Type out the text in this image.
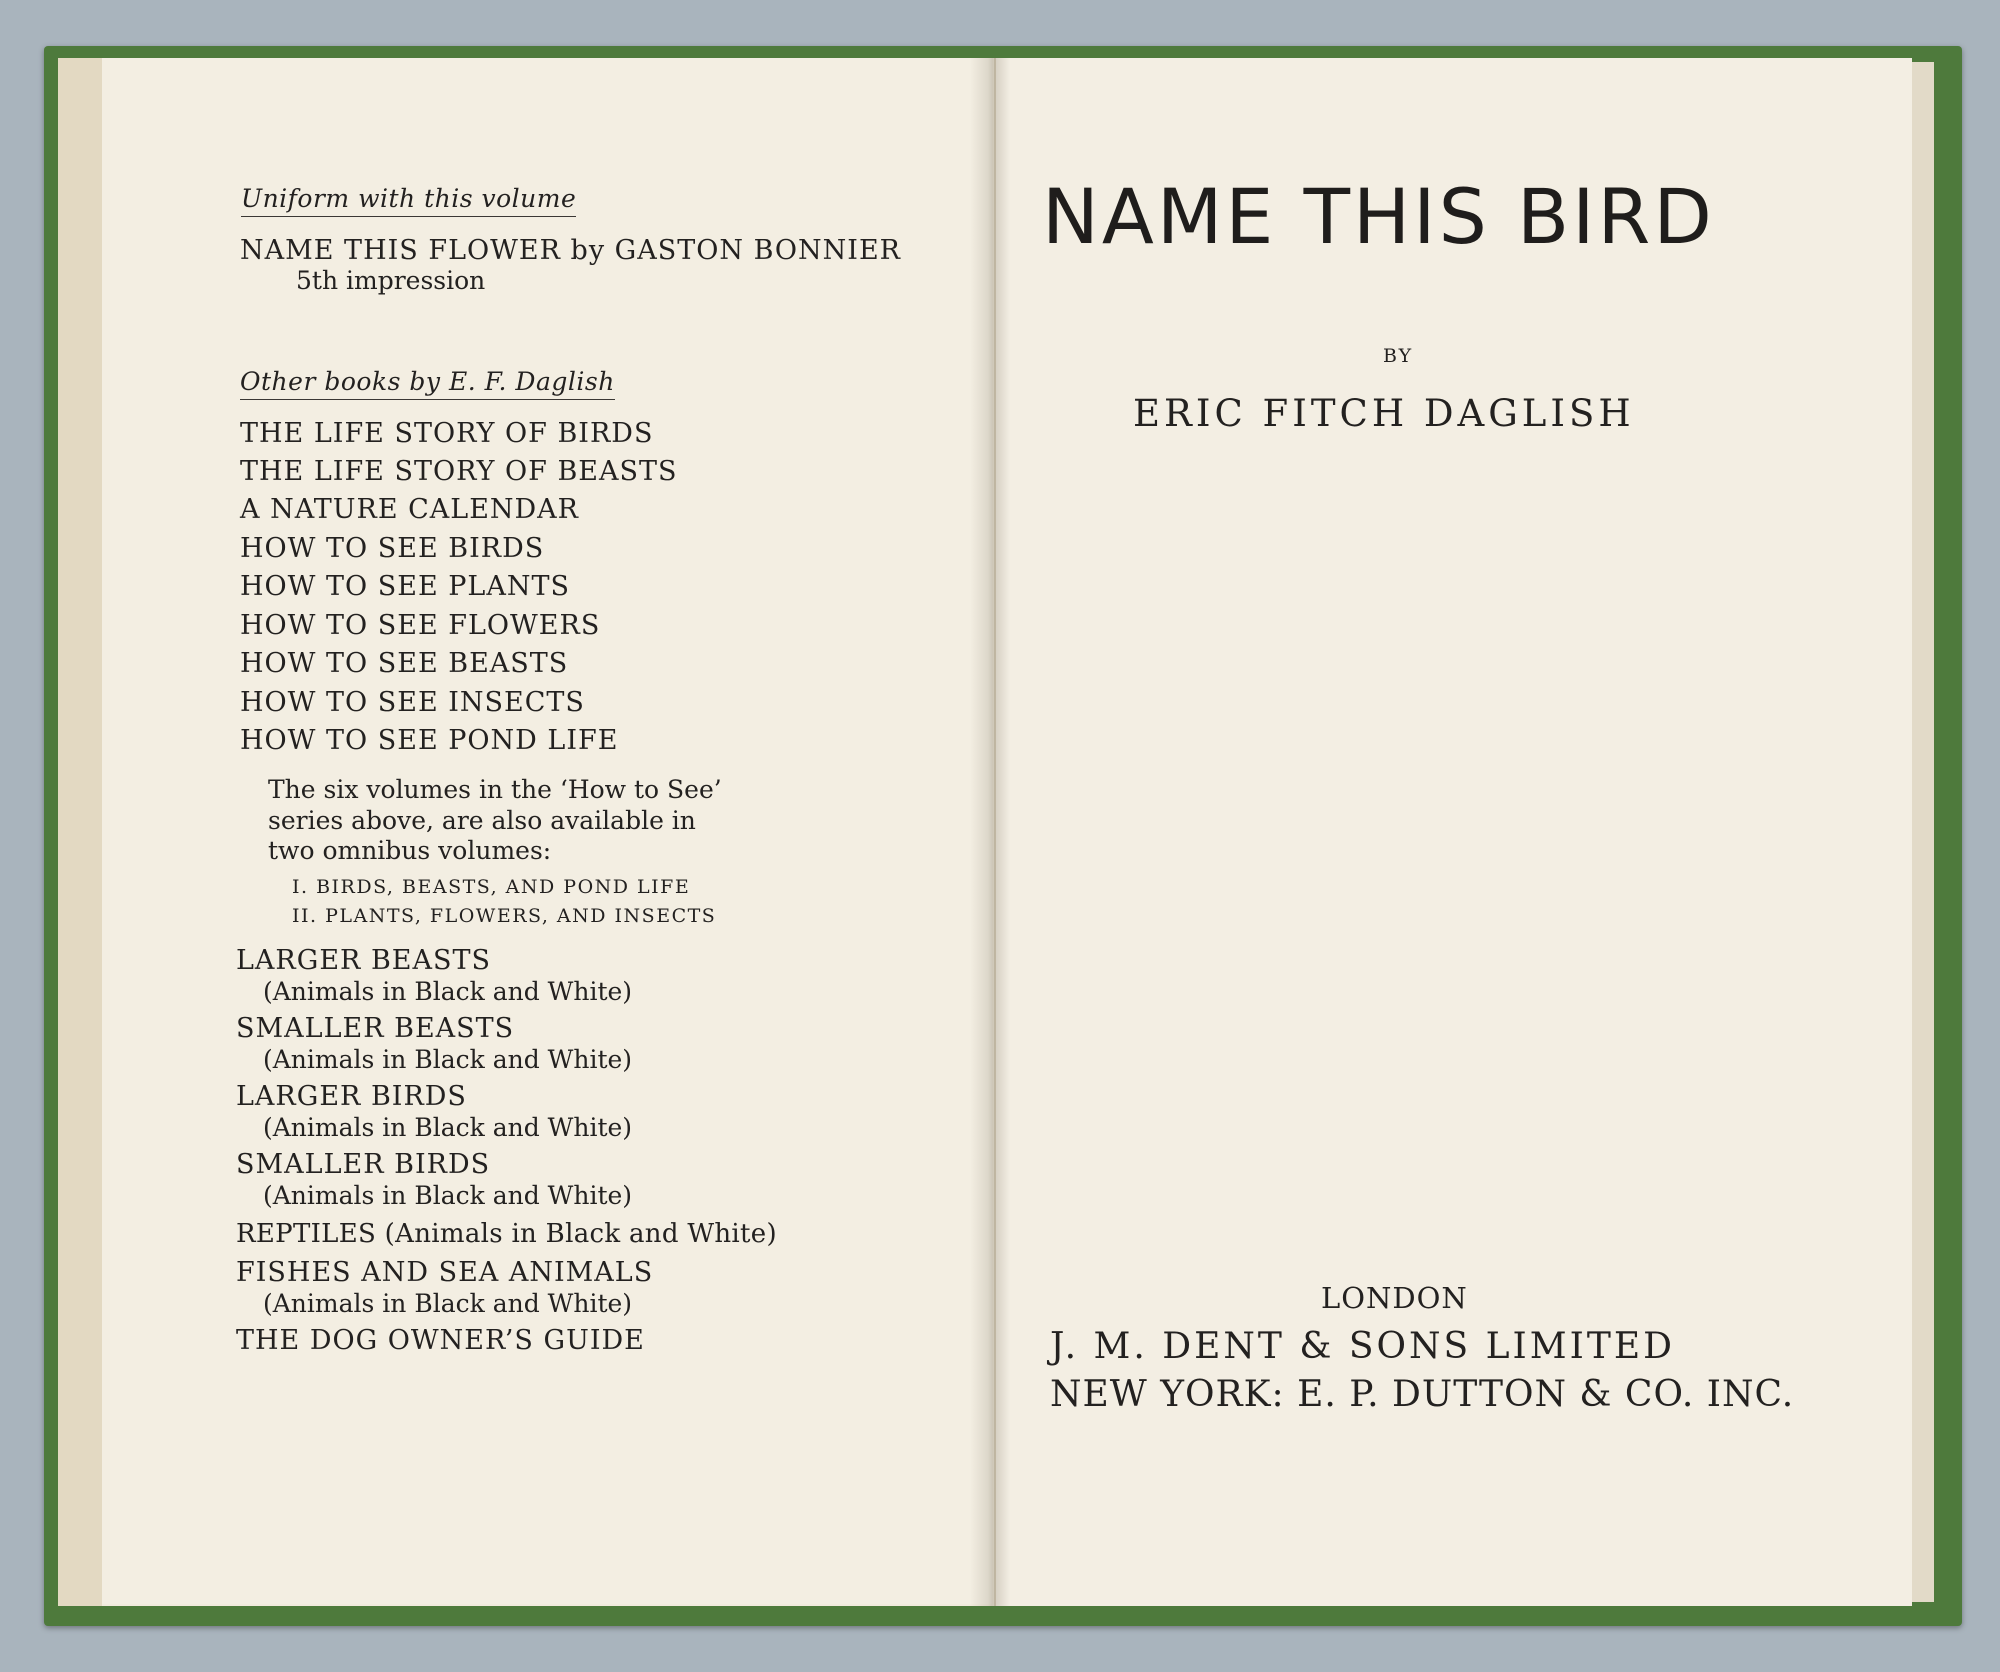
Uniform with this volume
NAME THIS FLOWER by GASTON BONNIER
5th impression
Other books by E. F. Daglish
THE LIFE STORY OF BIRDS
THE LIFE STORY OF BEASTS
A NATURE CALENDAR
HOW TO SEE BIRDS
HOW TO SEE PLANTS
HOW TO SEE FLOWERS
HOW TO SEE BEASTS
HOW TO SEE INSECTS
HOW TO SEE POND LIFE
The six volumes in the ‘How to See’
series above, are also available in
two omnibus volumes:
I. BIRDS, BEASTS, AND POND LIFE
II. PLANTS, FLOWERS, AND INSECTS
LARGER BEASTS
(Animals in Black and White)
SMALLER BEASTS
(Animals in Black and White)
LARGER BIRDS
(Animals in Black and White)
SMALLER BIRDS
(Animals in Black and White)
REPTILES (Animals in Black and White)
FISHES AND SEA ANIMALS
(Animals in Black and White)
THE DOG OWNER’S GUIDE
NAME THIS BIRD
BY
ERIC FITCH DAGLISH
LONDON
J. M. DENT & SONS LIMITED
NEW YORK: E. P. DUTTON & CO. INC.
